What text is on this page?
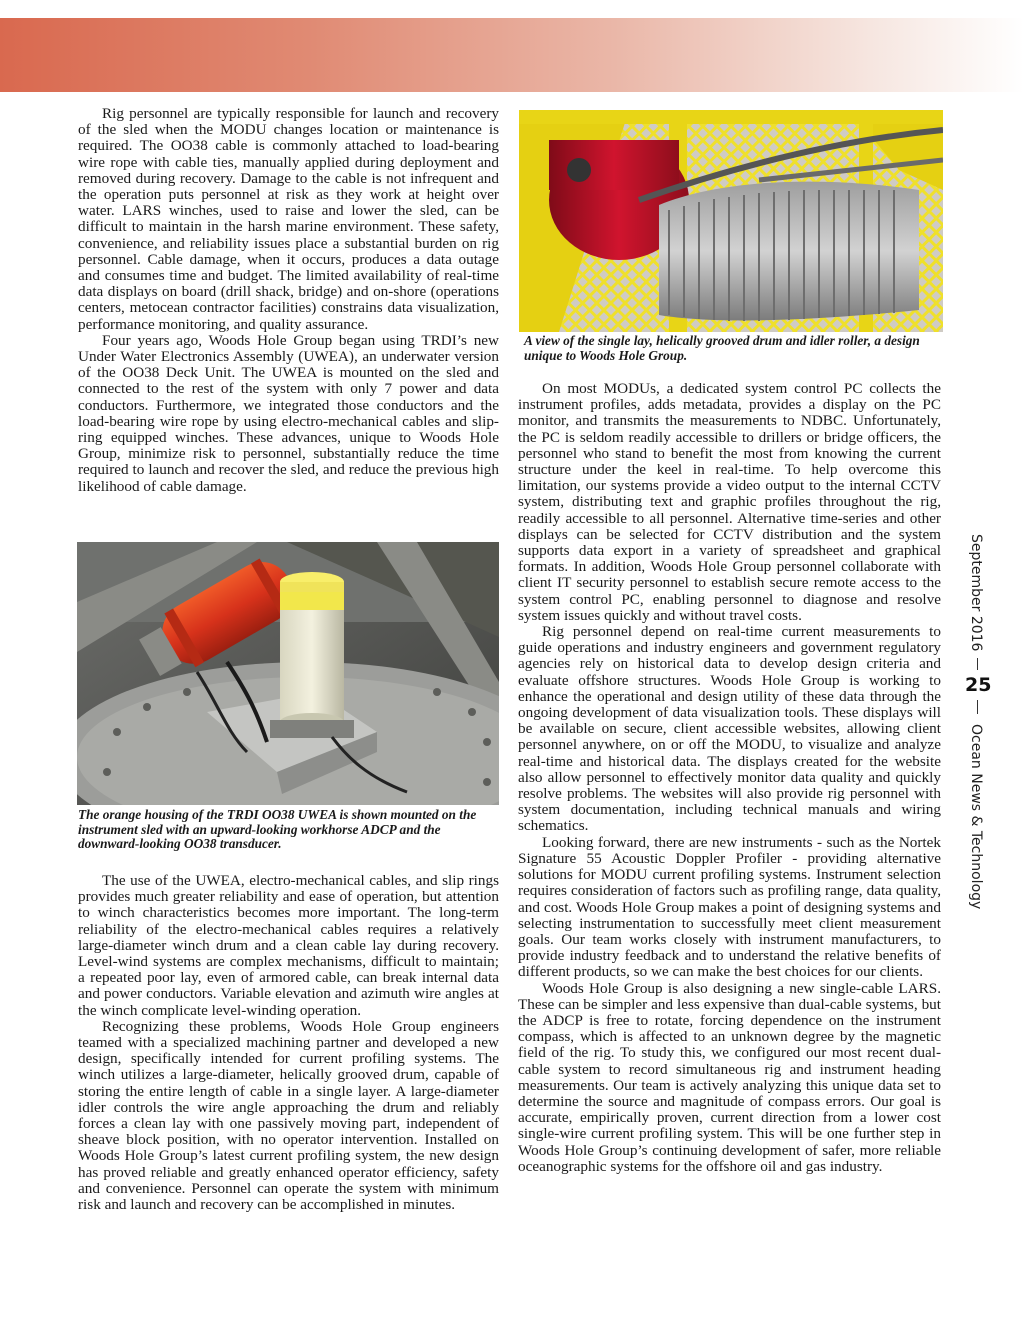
Rig personnel are typically responsible for launch and recovery of the sled when the MODU changes location or maintenance is required. The OO38 cable is commonly attached to load-bearing wire rope with cable ties, manually applied during deployment and removed during recovery. Damage to the cable is not infrequent and the operation puts personnel at risk as they work at height over water. LARS winches, used to raise and lower the sled, can be difficult to maintain in the harsh marine environment. These safety, convenience, and reliability issues place a substantial burden on rig personnel. Cable damage, when it occurs, produces a data outage and consumes time and budget. The limited availability of real-time data displays on board (drill shack, bridge) and on-shore (operations centers, metocean contractor facilities) constrains data visualization, performance monitoring, and quality assurance.

Four years ago, Woods Hole Group began using TRDI’s new Under Water Electronics Assembly (UWEA), an underwater version of the OO38 Deck Unit. The UWEA is mounted on the sled and connected to the rest of the system with only 7 power and data conductors. Furthermore, we integrated those conductors and the load-bearing wire rope by using electro-mechanical cables and slip-ring equipped winches. These advances, unique to Woods Hole Group, minimize risk to personnel, substantially reduce the time required to launch and recover the sled, and reduce the previous high likelihood of cable damage.

The orange housing of the TRDI OO38 UWEA is shown mounted on the instrument sled with an upward-looking workhorse ADCP and the downward-looking OO38 transducer.

The use of the UWEA, electro-mechanical cables, and slip rings provides much greater reliability and ease of operation, but attention to winch characteristics becomes more important. The long-term reliability of the electro-mechanical cables requires a relatively large-diameter winch drum and a clean cable lay during recovery. Level-wind systems are complex mechanisms, difficult to maintain; a repeated poor lay, even of armored cable, can break internal data and power conductors. Variable elevation and azimuth wire angles at the winch complicate level-winding operation.

Recognizing these problems, Woods Hole Group engineers teamed with a specialized machining partner and developed a new design, specifically intended for current profiling systems. The winch utilizes a large-diameter, helically grooved drum, capable of storing the entire length of cable in a single layer. A large-diameter idler controls the wire angle approaching the drum and reliably forces a clean lay with one passively moving part, independent of sheave block position, with no operator intervention. Installed on Woods Hole Group’s latest current profiling system, the new design has proved reliable and greatly enhanced operator efficiency, safety and convenience. Personnel can operate the system with minimum risk and launch and recovery can be accomplished in minutes.

A view of the single lay, helically grooved drum and idler roller, a design unique to Woods Hole Group.

On most MODUs, a dedicated system control PC collects the instrument profiles, adds metadata, provides a display on the PC monitor, and transmits the measurements to NDBC. Unfortunately, the PC is seldom readily accessible to drillers or bridge officers, the personnel who stand to benefit the most from knowing the current structure under the keel in real-time. To help overcome this limitation, our systems provide a video output to the internal CCTV system, distributing text and graphic profiles throughout the rig, readily accessible to all personnel. Alternative time-series and other displays can be selected for CCTV distribution and the system supports data export in a variety of spreadsheet and graphical formats. In addition, Woods Hole Group personnel collaborate with client IT security personnel to establish secure remote access to the system control PC, enabling personnel to diagnose and resolve system issues quickly and without travel costs.

Rig personnel depend on real-time current measurements to guide operations and industry engineers and government regulatory agencies rely on historical data to develop design criteria and evaluate offshore structures. Woods Hole Group is working to enhance the operational and design utility of these data through the ongoing development of data visualization tools. These displays will be available on secure, client accessible websites, allowing client personnel anywhere, on or off the MODU, to visualize and analyze real-time and historical data. The displays created for the website also allow personnel to effectively monitor data quality and quickly resolve problems. The websites will also provide rig personnel with system documentation, including technical manuals and wiring schematics.

Looking forward, there are new instruments - such as the Nortek Signature 55 Acoustic Doppler Profiler - providing alternative solutions for MODU current profiling systems. Instrument selection requires consideration of factors such as profiling range, data quality, and cost. Woods Hole Group makes a point of designing systems and selecting instrumentation to successfully meet client measurement goals. Our team works closely with instrument manufacturers, to provide industry feedback and to understand the relative benefits of different products, so we can make the best choices for our clients.

Woods Hole Group is also designing a new single-cable LARS. These can be simpler and less expensive than dual-cable systems, but the ADCP is free to rotate, forcing dependence on the instrument compass, which is affected to an unknown degree by the magnetic field of the rig. To study this, we configured our most recent dual-cable system to record simultaneous rig and instrument heading measurements. Our team is actively analyzing this unique data set to determine the source and magnitude of compass errors. Our goal is accurate, empirically proven, current direction from a lower cost single-wire current profiling system. This will be one further step in Woods Hole Group’s continuing development of safer, more reliable oceanographic systems for the offshore oil and gas industry.

September 2016
Ocean News & Technology
25
